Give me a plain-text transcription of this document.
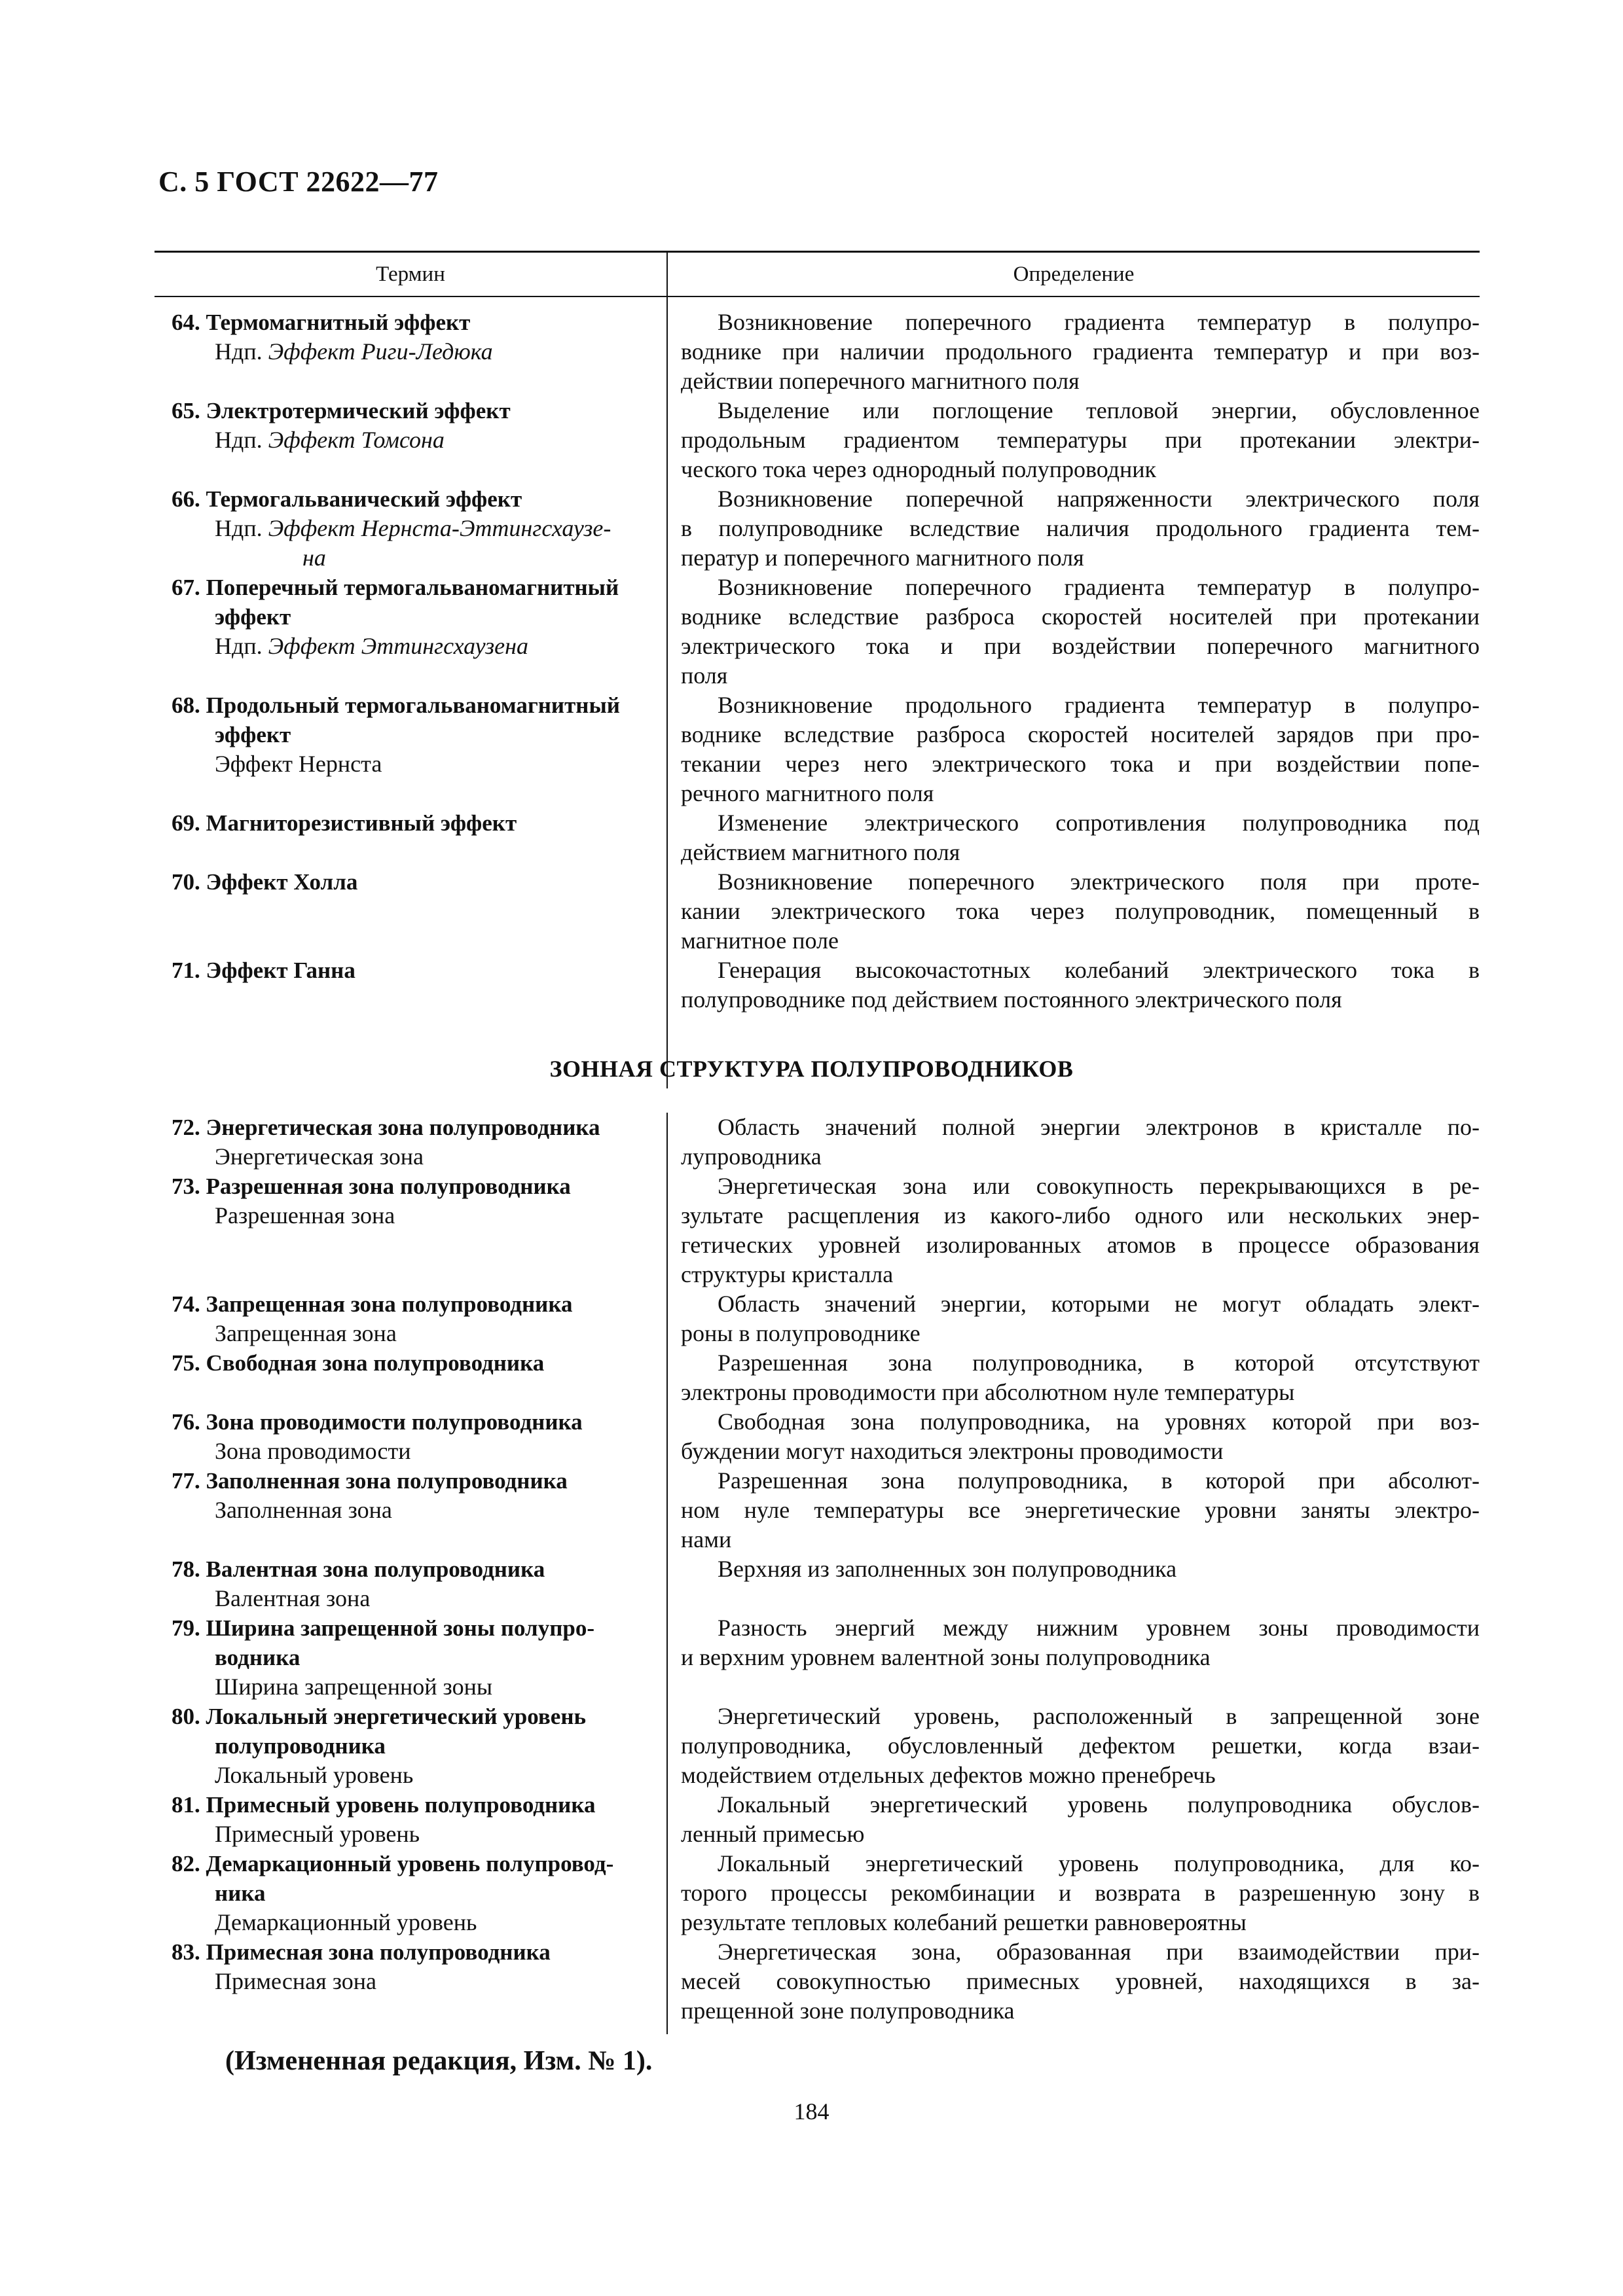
С. 5 ГОСТ 22622—77
Термин	Определение
64. Термомагнитный эффект
Ндп. Эффект Риги-Ледюка
65. Электротермический эффект
Ндп. Эффект Томсона
66. Термогальванический эффект
Ндп. Эффект Нернста-Эттингсхаузе-
на
67. Поперечный термогальваномагнитный
эффект
Ндп. Эффект Эттингсхаузена
68. Продольный термогальваномагнитный
эффект
Эффект Нернста
69. Магниторезистивный эффект
70. Эффект Холла
71. Эффект Ганна
Возникновение поперечного градиента температур в полупро-
воднике при наличии продольного градиента температур и при воз-
действии поперечного магнитного поля
Выделение или поглощение тепловой энергии, обусловленное
продольным градиентом температуры при протекании электри-
ческого тока через однородный полупроводник
Возникновение поперечной напряженности электрического поля
в полупроводнике вследствие наличия продольного градиента тем-
ператур и поперечного магнитного поля
Возникновение поперечного градиента температур в полупро-
воднике вследствие разброса скоростей носителей при протекании
электрического тока и при воздействии поперечного магнитного
поля
Возникновение продольного градиента температур в полупро-
воднике вследствие разброса скоростей носителей зарядов при про-
текании через него электрического тока и при воздействии попе-
речного магнитного поля
Изменение электрического сопротивления полупроводника под
действием магнитного поля
Возникновение поперечного электрического поля при проте-
кании электрического тока через полупроводник, помещенный в
магнитное поле
Генерация высокочастотных колебаний электрического тока в
полупроводнике под действием постоянного электрического поля
ЗОННАЯ СТРУКТУРА ПОЛУПРОВОДНИКОВ
72. Энергетическая зона полупроводника
Энергетическая зона
73. Разрешенная зона полупроводника
Разрешенная зона
74. Запрещенная зона полупроводника
Запрещенная зона
75. Свободная зона полупроводника
76. Зона проводимости полупроводника
Зона проводимости
77. Заполненная зона полупроводника
Заполненная зона
78. Валентная зона полупроводника
Валентная зона
79. Ширина запрещенной зоны полупро-
водника
Ширина запрещенной зоны
80. Локальный энергетический уровень
полупроводника
Локальный уровень
81. Примесный уровень полупроводника
Примесный уровень
82. Демаркационный уровень полупровод-
ника
Демаркационный уровень
83. Примесная зона полупроводника
Примесная зона
Область значений полной энергии электронов в кристалле по-
лупроводника
Энергетическая зона или совокупность перекрывающихся в ре-
зультате расщепления из какого-либо одного или нескольких энер-
гетических уровней изолированных атомов в процессе образования
структуры кристалла
Область значений энергии, которыми не могут обладать элект-
роны в полупроводнике
Разрешенная зона полупроводника, в которой отсутствуют
электроны проводимости при абсолютном нуле температуры
Свободная зона полупроводника, на уровнях которой при воз-
буждении могут находиться электроны проводимости
Разрешенная зона полупроводника, в которой при абсолют-
ном нуле температуры все энергетические уровни заняты электро-
нами
Верхняя из заполненных зон полупроводника
Разность энергий между нижним уровнем зоны проводимости
и верхним уровнем валентной зоны полупроводника
Энергетический уровень, расположенный в запрещенной зоне
полупроводника, обусловленный дефектом решетки, когда взаи-
модействием отдельных дефектов можно пренебречь
Локальный энергетический уровень полупроводника обуслов-
ленный примесью
Локальный энергетический уровень полупроводника, для ко-
торого процессы рекомбинации и возврата в разрешенную зону в
результате тепловых колебаний решетки равновероятны
Энергетическая зона, образованная при взаимодействии при-
месей совокупностью примесных уровней, находящихся в за-
прещенной зоне полупроводника
(Измененная редакция, Изм. № 1).
184
